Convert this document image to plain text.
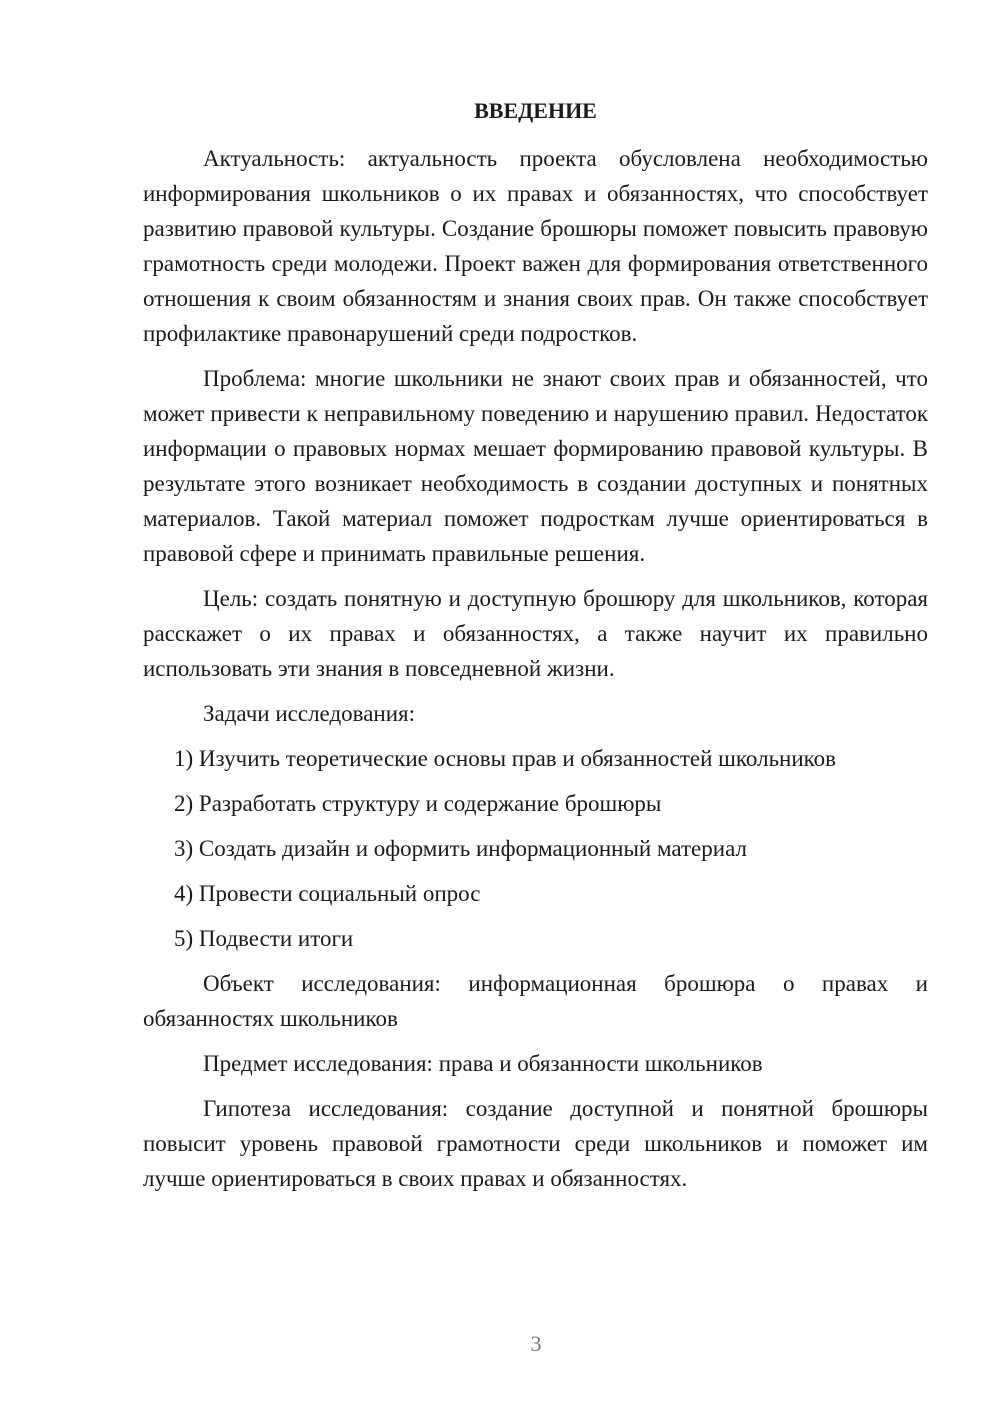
ВВЕДЕНИЕ
Актуальность: актуальность проекта обусловлена необходимостью информирования школьников о их правах и обязанностях, что способствует развитию правовой культуры. Создание брошюры поможет повысить правовую грамотность среди молодежи. Проект важен для формирования ответственного отношения к своим обязанностям и знания своих прав. Он также способствует профилактике правонарушений среди подростков.
Проблема: многие школьники не знают своих прав и обязанностей, что может привести к неправильному поведению и нарушению правил. Недостаток информации о правовых нормах мешает формированию правовой культуры. В результате этого возникает необходимость в создании доступных и понятных материалов. Такой материал поможет подросткам лучше ориентироваться в правовой сфере и принимать правильные решения.
Цель: создать понятную и доступную брошюру для школьников, которая расскажет о их правах и обязанностях, а также научит их правильно использовать эти знания в повседневной жизни.
Задачи исследования:
1) Изучить теоретические основы прав и обязанностей школьников
2) Разработать структуру и содержание брошюры
3) Создать дизайн и оформить информационный материал
4) Провести социальный опрос
5) Подвести итоги
Объект исследования: информационная брошюра о правах и обязанностях школьников
Предмет исследования: права и обязанности школьников
Гипотеза исследования: создание доступной и понятной брошюры повысит уровень правовой грамотности среди школьников и поможет им лучше ориентироваться в своих правах и обязанностях.
3
